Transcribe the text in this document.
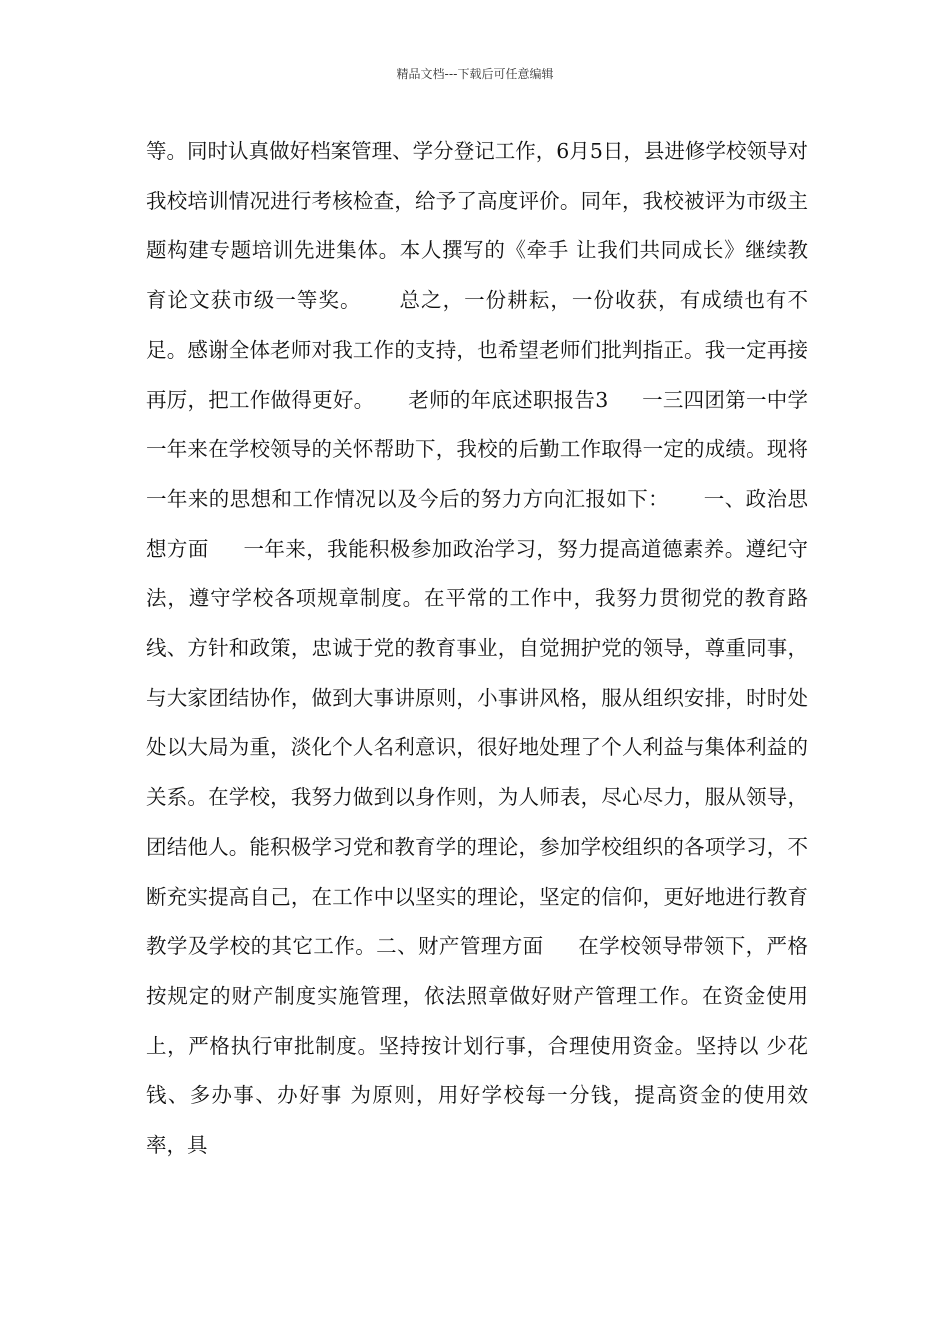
精品文档---下载后可任意编辑

等。同时认真做好档案管理、学分登记工作，6月5日，县进修学校领导对我校培训情况进行考核检查，给予了高度评价。同年，我校被评为市级主题构建专题培训先进集体。本人撰写的《牵手 让我们共同成长》继续教育论文获市级一等奖。     总之，一份耕耘，一份收获，有成绩也有不足。感谢全体老师对我工作的支持，也希望老师们批判指正。我一定再接再厉，把工作做得更好。     老师的年底述职报告3     一三四团第一中学     一年来在学校领导的关怀帮助下，我校的后勤工作取得一定的成绩。现将一年来的思想和工作情况以及今后的努力方向汇报如下：     一、政治思想方面     一年来，我能积极参加政治学习，努力提高道德素养。遵纪守法，遵守学校各项规章制度。在平常的工作中，我努力贯彻党的教育路线、方针和政策，忠诚于党的教育事业，自觉拥护党的领导，尊重同事，与大家团结协作，做到大事讲原则，小事讲风格，服从组织安排，时时处处以大局为重，淡化个人名利意识，很好地处理了个人利益与集体利益的关系。在学校，我努力做到以身作则，为人师表，尽心尽力，服从领导，团结他人。能积极学习党和教育学的理论，参加学校组织的各项学习，不断充实提高自己，在工作中以坚实的理论，坚定的信仰，更好地进行教育教学及学校的其它工作。二、财产管理方面     在学校领导带领下，严格按规定的财产制度实施管理，依法照章做好财产管理工作。在资金使用上，严格执行审批制度。坚持按计划行事，合理使用资金。坚持以 少花钱、多办事、办好事 为原则，用好学校每一分钱，提高资金的使用效率，具
